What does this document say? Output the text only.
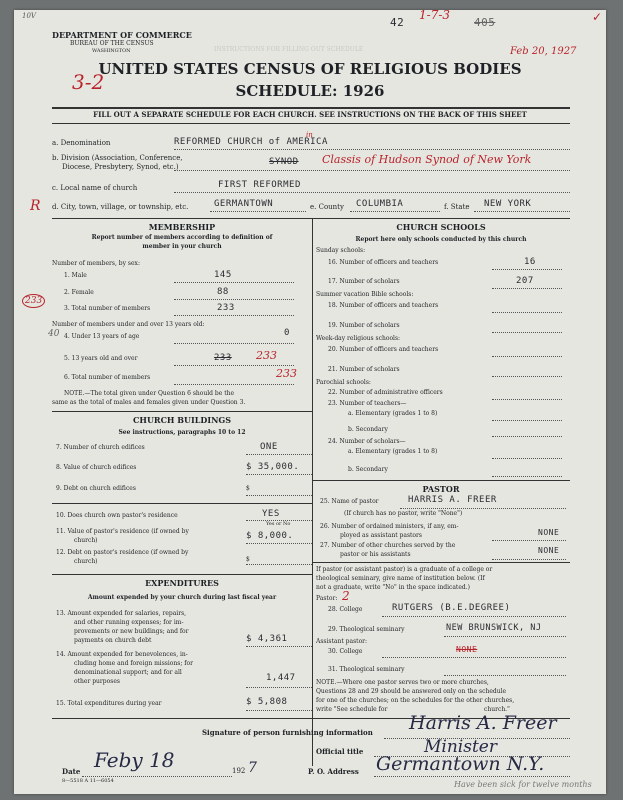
INSTRUCTIONS FOR FILLING OUT SCHEDULE
10V	42
1-7-3
405	✓
DEPARTMENT OF COMMERCE
BUREAU OF THE CENSUS
WASHINGTON	Feb 20, 1927
UNITED STATES CENSUS OF RELIGIOUS BODIES
3-2	SCHEDULE: 1926
FILL OUT A SEPARATE SCHEDULE FOR EACH CHURCH. SEE INSTRUCTIONS ON THE BACK OF THIS SHEET
a. Denomination	REFORMED CHURCH of AMERICA
in
b. Division (Association, Conference,
Diocese, Presbytery, Synod, etc.)	SYNOD Classis of Hudson Synod of New York
c. Local name of church	FIRST REFORMED
R d. City, town, village, or township, etc.	GERMANTOWN	e. County COLUMBIA	f. State NEW YORK
MEMBERSHIP
Report number of members according to definition of
member in your church
Number of members, by sex:
1. Male	145
2. Female	88
233
3. Total number of members	233
Number of members under and over 13 years old:
40 4. Under 13 years of age	0
5. 13 years old and over	233 233
6. Total number of members	233
NOTE.—The total given under Question 6 should be the
same as the total of males and females given under Question 3.
CHURCH BUILDINGS
See instructions, paragraphs 10 to 12
7. Number of church edifices	ONE
8. Value of church edifices	$ 35,000.
9. Debt on church edifices	$
10. Does church own pastor's residence	YES
Yes or No
11. Value of pastor's residence (if owned by
church)	$ 8,000.
12. Debt on pastor's residence (if owned by
church)	$
EXPENDITURES
Amount expended by your church during last fiscal year
13. Amount expended for salaries, repairs,
and other running expenses; for im-
provements or new buildings; and for
payments on church debt	$ 4,361
14. Amount expended for benevolences, in-
cluding home and foreign missions; for
denominational support; and for all
other purposes	1,447
15. Total expenditures during year	$ 5,808
CHURCH SCHOOLS
Report here only schools conducted by this church
Sunday schools:
16. Number of officers and teachers	16
17. Number of scholars	207
Summer vacation Bible schools:
18. Number of officers and teachers
19. Number of scholars
Week-day religious schools:
20. Number of officers and teachers
21. Number of scholars
Parochial schools:
22. Number of administrative officers
23. Number of teachers—
a. Elementary (grades 1 to 8)
b. Secondary
24. Number of scholars—
a. Elementary (grades 1 to 8)
b. Secondary
PASTOR
25. Name of pastor	HARRIS A. FREER
(If church has no pastor, write "None")
26. Number of ordained ministers, if any, em-
ployed as assistant pastors	NONE
27. Number of other churches served by the
pastor or his assistants	NONE
If pastor (or assistant pastor) is a graduate of a college or
theological seminary, give name of institution below. (If
not a graduate, write "No" in the space indicated.)
Pastor: 2
28. College	RUTGERS (B.E.DEGREE)
29. Theological seminary	NEW BRUNSWICK, NJ
Assistant pastor:
30. College	NONE
31. Theological seminary
NOTE.—Where one pastor serves two or more churches,
Questions 28 and 29 should be answered only on the schedule
for one of the churches; on the schedules for the other churches,
write "See schedule for	church."
Signature of person furnishing information Harris A. Freer
Official title	Minister
Date Feby 18	192 7	P. O. Address Germantown N.Y.
8—5518 A 11—6054	Have been sick for twelve months
